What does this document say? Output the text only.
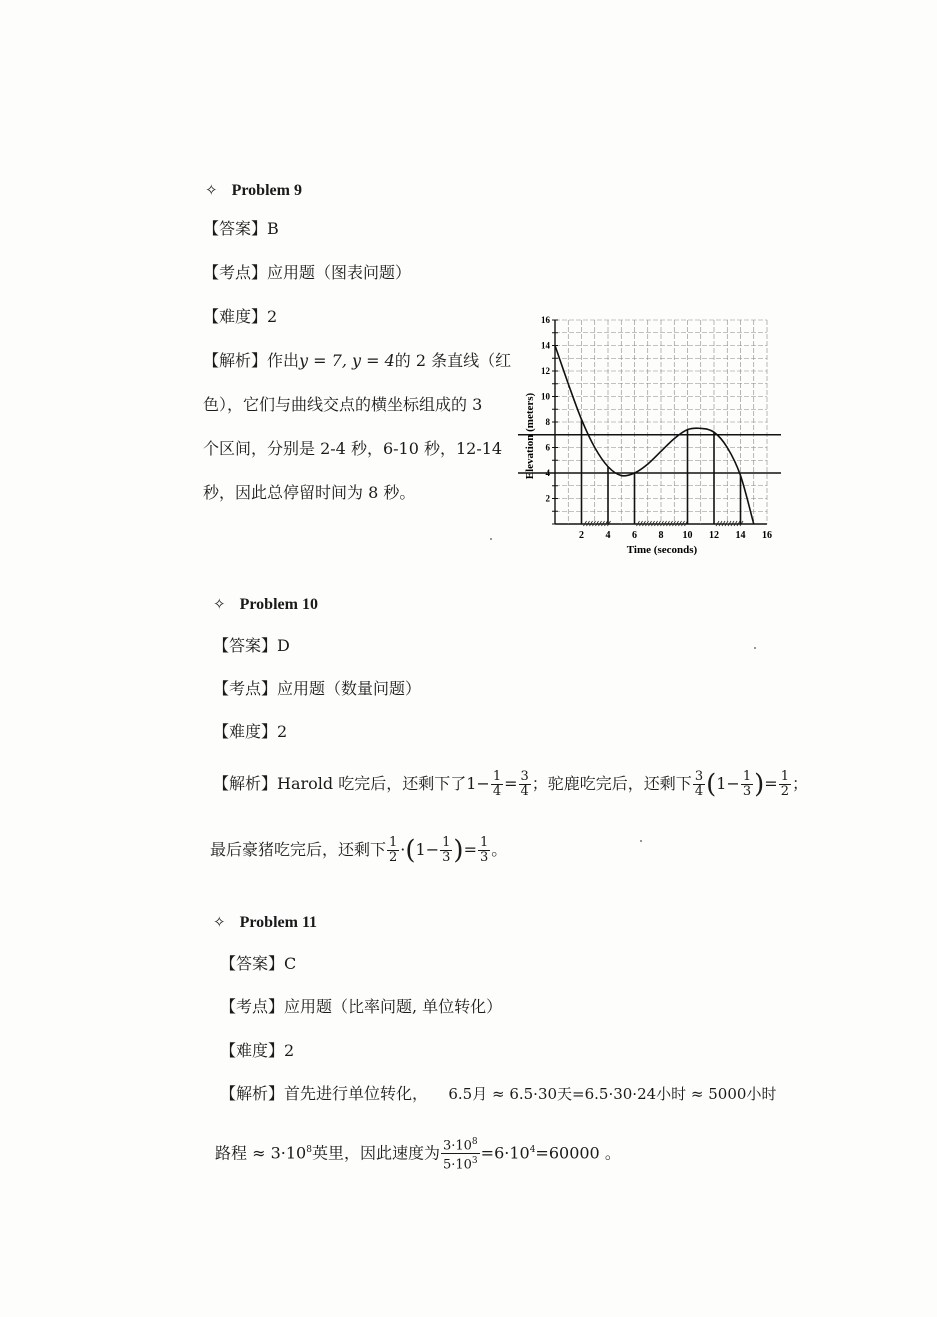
✧ Problem 9
【答案】B
【考点】应用题（图表问题）
【难度】2
【解析】作出y = 7, y = 4的 2 条直线（红
色），它们与曲线交点的横坐标组成的 3
个区间，分别是 2-4 秒，6-10 秒，12-14
秒，因此总停留时间为 8 秒。
2 4 6 8 10 12 14 16
2
4
6
8
10
12
14
16
Time (seconds)
Elevation (meters)
✧ Problem 10
【答案】D
【考点】应用题（数量问题）
【难度】2
【解析】Harold 吃完后，还剩下了$1- \frac{1}{4} = \frac{3}{4}$ ；驼鹿吃完后，还剩下 $\frac{3}{4} (1- \frac{1}{3}$ )= $\frac{1}{2}$ ；
最后豪猪吃完后，还剩下 $\frac{1}{2} \cdot(1- \frac{1}{3}$ )= $\frac{1}{3}$ 。
✧ Problem 11
【答案】C
【考点】应用题（比率问题, 单位转化）
【难度】2
【解析】首先进行单位转化， 6.5月 ≈ 6.5·30天=6.5·30·24小时 ≈ 5000小时
路程 ≈ $3\cdot 10^8$英里，因此速度为 $\frac{3\cdot 10^8}{5\cdot 10^3} =6\cdot 10^4=60000$ 。
